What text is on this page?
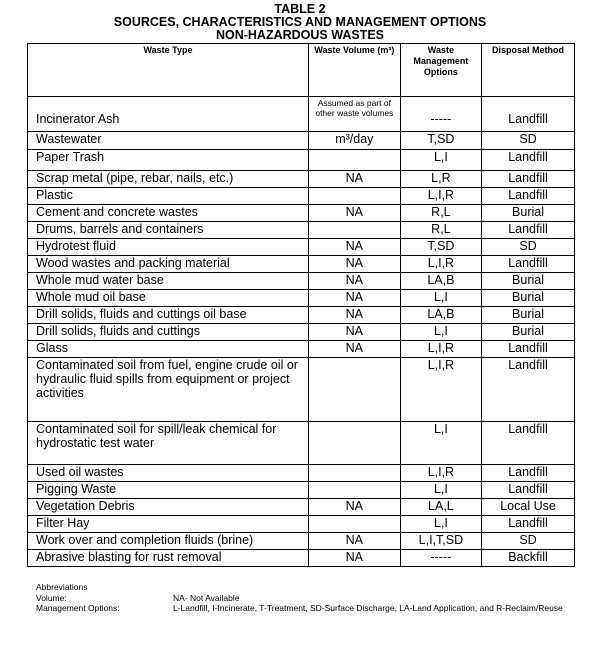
TABLE 2
SOURCES, CHARACTERISTICS AND MANAGEMENT OPTIONS
NON-HAZARDOUS WASTES
Waste Type	Waste Volume (m³)	Waste Management Options	Disposal Method
Incinerator Ash	Assumed as part of other waste volumes	-----	Landfill
Wastewater	m³/day	T,SD	SD
Paper Trash		L,I	Landfill
Scrap metal (pipe, rebar, nails, etc.)	NA	L,R	Landfill
Plastic		L,I,R	Landfill
Cement and concrete wastes	NA	R,L	Burial
Drums, barrels and containers		R,L	Landfill
Hydrotest fluid	NA	T,SD	SD
Wood wastes and packing material	NA	L,I,R	Landfill
Whole mud water base	NA	LA,B	Burial
Whole mud oil base	NA	L,I	Burial
Drill solids, fluids and cuttings oil base	NA	LA,B	Burial
Drill solids, fluids and cuttings	NA	L,I	Burial
Glass	NA	L,I,R	Landfill
Contaminated soil from fuel, engine crude oil or hydraulic fluid spills from equipment or project activities		L,I,R	Landfill
Contaminated soil for spill/leak chemical for hydrostatic test water		L,I	Landfill
Used oil wastes		L,I,R	Landfill
Pigging Waste		L,I	Landfill
Vegetation Debris	NA	LA,L	Local Use
Filter Hay		L,I	Landfill
Work over and completion fluids (brine)	NA	L,I,T,SD	SD
Abrasive blasting for rust removal	NA	-----	Backfill
Abbreviations
Volume:	NA- Not Available
Management Options:	L-Landfill, I-Incinerate, T-Treatment, SD-Surface Discharge, LA-Land Application, and R-Reclaim/Reuse
